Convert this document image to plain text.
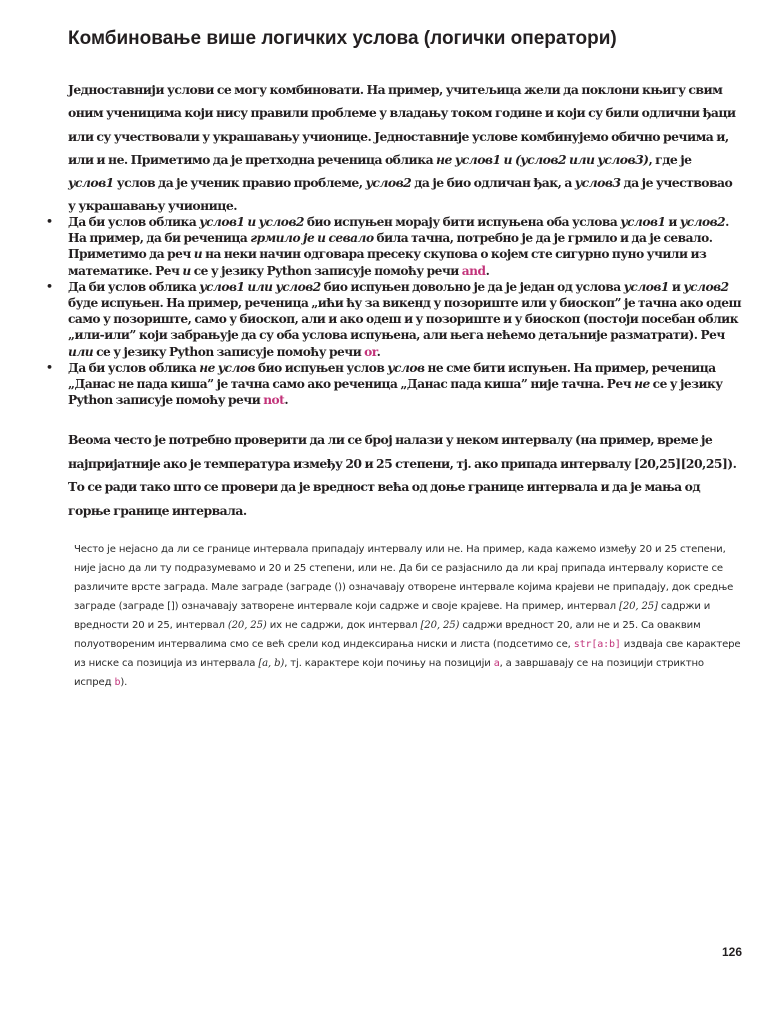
Комбиновање више логичких услова (логички оператори)

Једноставнији услови се могу комбиновати. На пример, учитељица жели да поклони књигу свим оним ученицима који нису правили проблеме у владању током године и који су били одлични ђаци или су учествовали у украшавању учионице. Једноставније услове комбинујемо обично речима и, или и не. Приметимо да је претходна реченица облика не услов1 и (услов2 или услов3), где је услов1 услов да је ученик правио проблеме, услов2 да је био одличан ђак, а услов3 да је учествовао у украшавању учионице.

• Да би услов облика услов1 и услов2 био испуњен морају бити испуњена оба услова услов1 и услов2. На пример, да би реченица грмило је и севало била тачна, потребно је да је грмило и да је севало. Приметимо да реч и на неки начин одговара пресеку скупова о којем сте сигурно пуно учили из математике. Реч и се у језику Python записује помоћу речи and.
• Да би услов облика услов1 или услов2 био испуњен довољно је да је један од услова услов1 и услов2 буде испуњен. На пример, реченица „ићи ћу за викенд у позориште или у биоскоп” је тачна ако одеш само у позориште, само у биоскоп, али и ако одеш и у позориште и у биоскоп (постоји посебан облик „или-или” који забрањује да су оба услова испуњена, али њега нећемо детаљније разматрати). Реч или се у језику Python записује помоћу речи or.
• Да би услов облика не услов био испуњен услов услов не сме бити испуњен. На пример, реченица „Данас не пада киша” је тачна само ако реченица „Данас пада киша” није тачна. Реч не се у језику Python записује помоћу речи not.

Веома често је потребно проверити да ли се број налази у неком интервалу (на пример, време је најпријатније ако је температура између 20 и 25 степени, тј. ако припада интервалу [20,25][20,25]). То се ради тако што се провери да је вредност већа од доње границе интервала и да је мања од горње границе интервала.

Често је нејасно да ли се границе интервала припадају интервалу или не. На пример, када кажемо између 20 и 25 степени, није јасно да ли ту подразумевамо и 20 и 25 степени, или не. Да би се разјаснило да ли крај припада интервалу користе се различите врсте заграда. Мале заграде (заграде ()) означавају отворене интервале којима крајеви не припадају, док средње заграде (заграде []) означавају затворене интервале који садрже и своје крајеве. На пример, интервал [20, 25] садржи и вредности 20 и 25, интервал (20, 25) их не садржи, док интервал [20, 25) садржи вредност 20, али не и 25. Са оваквим полуотвореним интервалима смо се већ срели код индексирања ниски и листа (подсетимо се, str[a:b] издваја све карактере из ниске са позиција из интервала [a, b), тј. карактере који почињу на позицији a, а завршавају се на позицији стриктно испред b).

126
